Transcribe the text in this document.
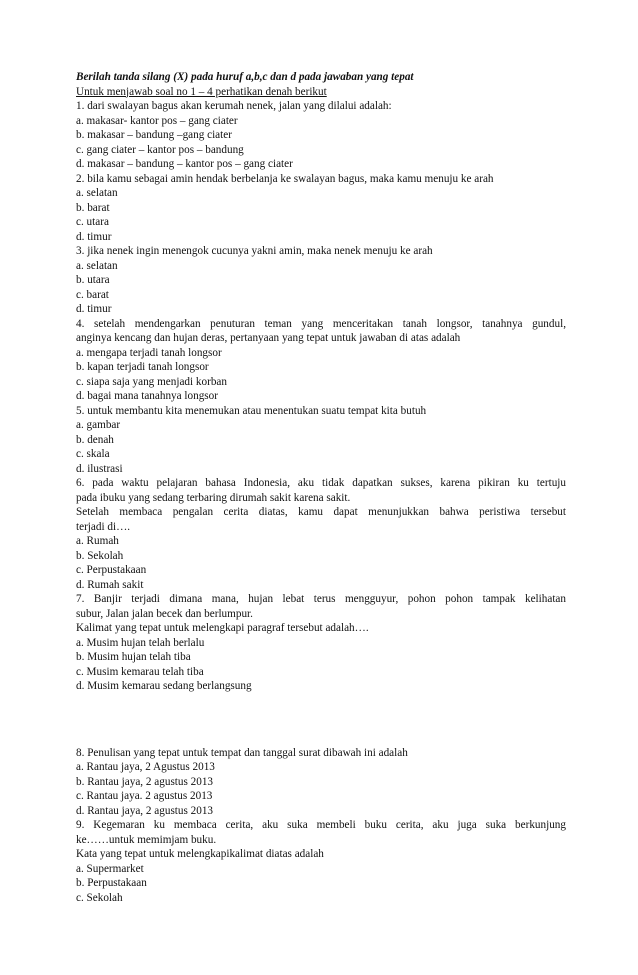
Berilah tanda silang (X) pada huruf a,b,c dan d pada jawaban yang tepat
Untuk menjawab soal no 1 – 4 perhatikan denah berikut
1. dari swalayan bagus akan kerumah nenek, jalan yang dilalui adalah:
a. makasar- kantor pos – gang ciater
b. makasar – bandung –gang ciater
c. gang ciater – kantor pos – bandung
d. makasar – bandung – kantor pos – gang ciater
2. bila kamu sebagai amin hendak berbelanja ke swalayan bagus, maka kamu menuju ke arah
a. selatan
b. barat
c. utara
d. timur
3. jika nenek ingin menengok cucunya yakni amin, maka nenek menuju ke arah
a. selatan
b. utara
c. barat
d. timur
4. setelah mendengarkan penuturan teman yang menceritakan tanah longsor, tanahnya gundul,
anginya kencang dan hujan deras, pertanyaan yang tepat untuk jawaban di atas adalah
a. mengapa terjadi tanah longsor
b. kapan terjadi tanah longsor
c. siapa saja yang menjadi korban
d. bagai mana tanahnya longsor
5. untuk membantu kita menemukan atau menentukan suatu tempat kita butuh
a. gambar
b. denah
c. skala
d. ilustrasi
6. pada waktu pelajaran bahasa Indonesia, aku tidak dapatkan sukses, karena pikiran ku tertuju
pada ibuku yang sedang terbaring dirumah sakit karena sakit.
Setelah membaca pengalan cerita diatas, kamu dapat menunjukkan bahwa peristiwa tersebut
terjadi di….
a. Rumah
b. Sekolah
c. Perpustakaan
d. Rumah sakit
7. Banjir terjadi dimana mana, hujan lebat terus mengguyur, pohon pohon tampak kelihatan
subur, Jalan jalan becek dan berlumpur.
Kalimat yang tepat untuk melengkapi paragraf tersebut adalah….
a. Musim hujan telah berlalu
b. Musim hujan telah tiba
c. Musim kemarau telah tiba
d. Musim kemarau sedang berlangsung
8. Penulisan yang tepat untuk tempat dan tanggal surat dibawah ini adalah
a. Rantau jaya, 2 Agustus 2013
b. Rantau jaya, 2 agustus 2013
c. Rantau jaya. 2 agustus 2013
d. Rantau jaya, 2 agustus 2013
9. Kegemaran ku membaca cerita, aku suka membeli buku cerita, aku juga suka berkunjung
ke……untuk memimjam buku.
Kata yang tepat untuk melengkapikalimat diatas adalah
a. Supermarket
b. Perpustakaan
c. Sekolah
